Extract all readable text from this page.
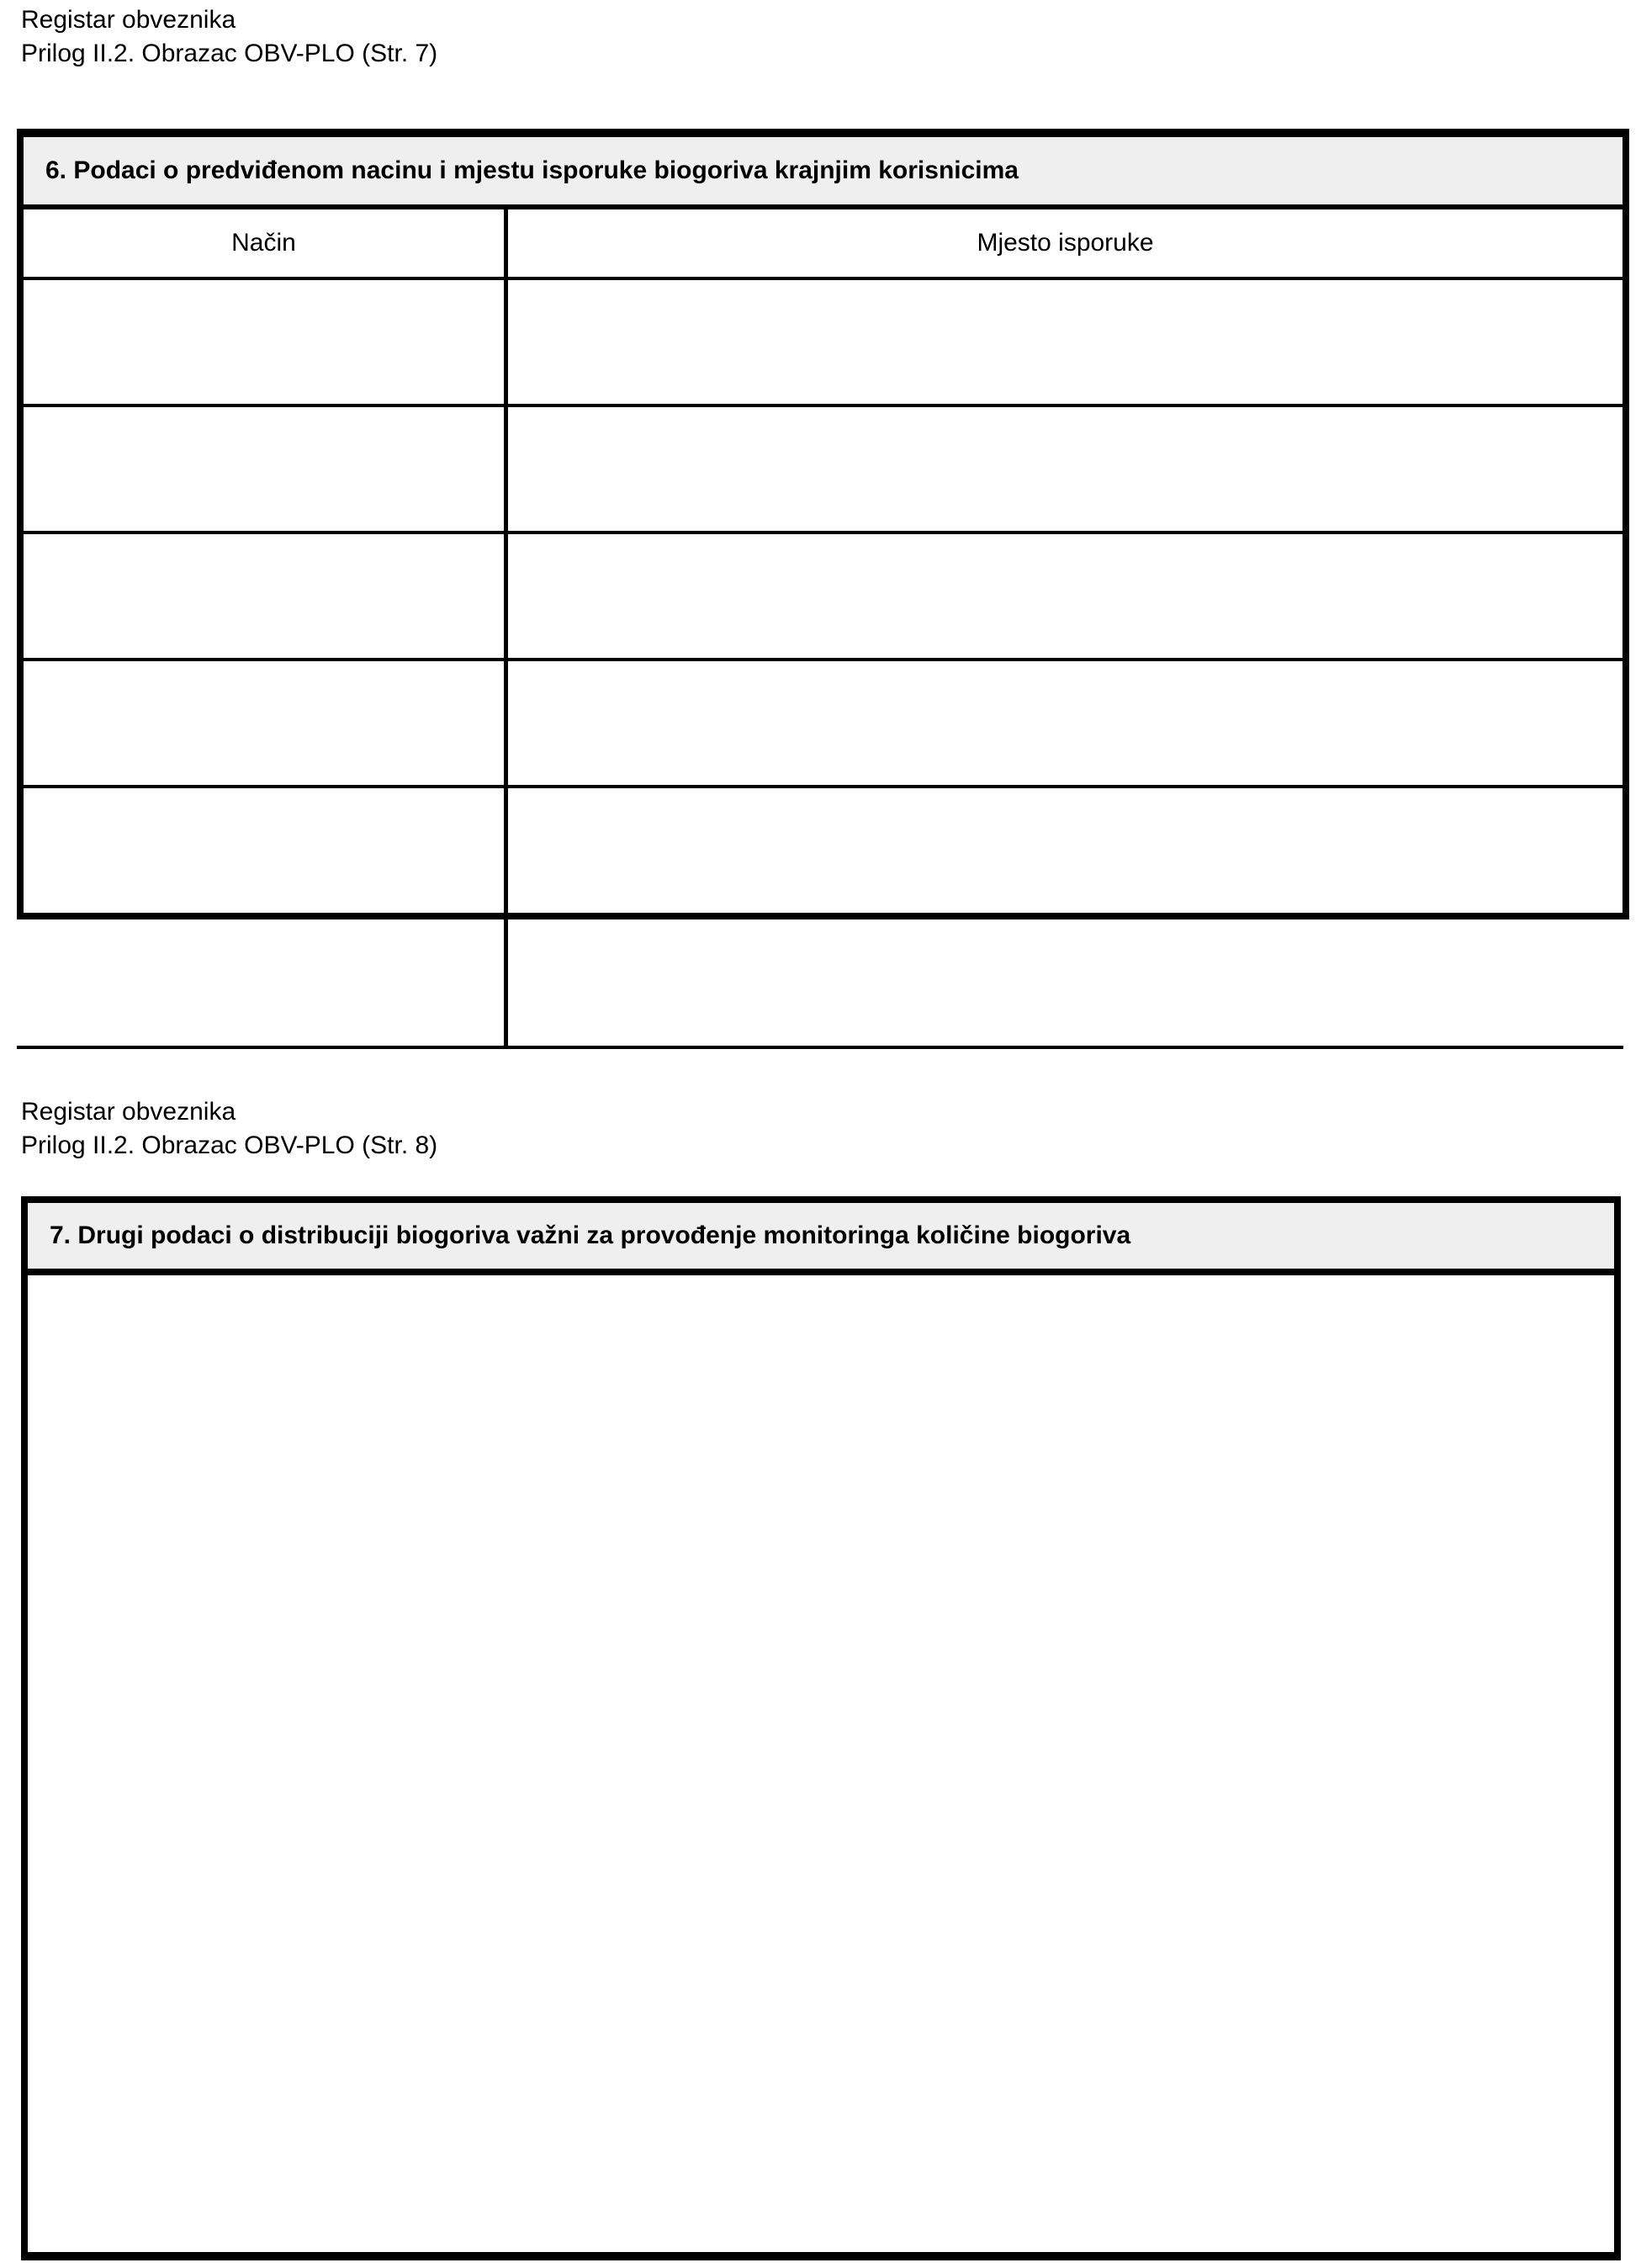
Registar obveznika
Prilog II.2. Obrazac OBV-PLO (Str. 7)
6. Podaci o predviđenom nacinu i mjestu isporuke biogoriva krajnjim korisnicima
Način	Mjesto isporuke
Registar obveznika
Prilog II.2. Obrazac OBV-PLO (Str. 8)
7. Drugi podaci o distribuciji biogoriva važni za provođenje monitoringa količine biogoriva
